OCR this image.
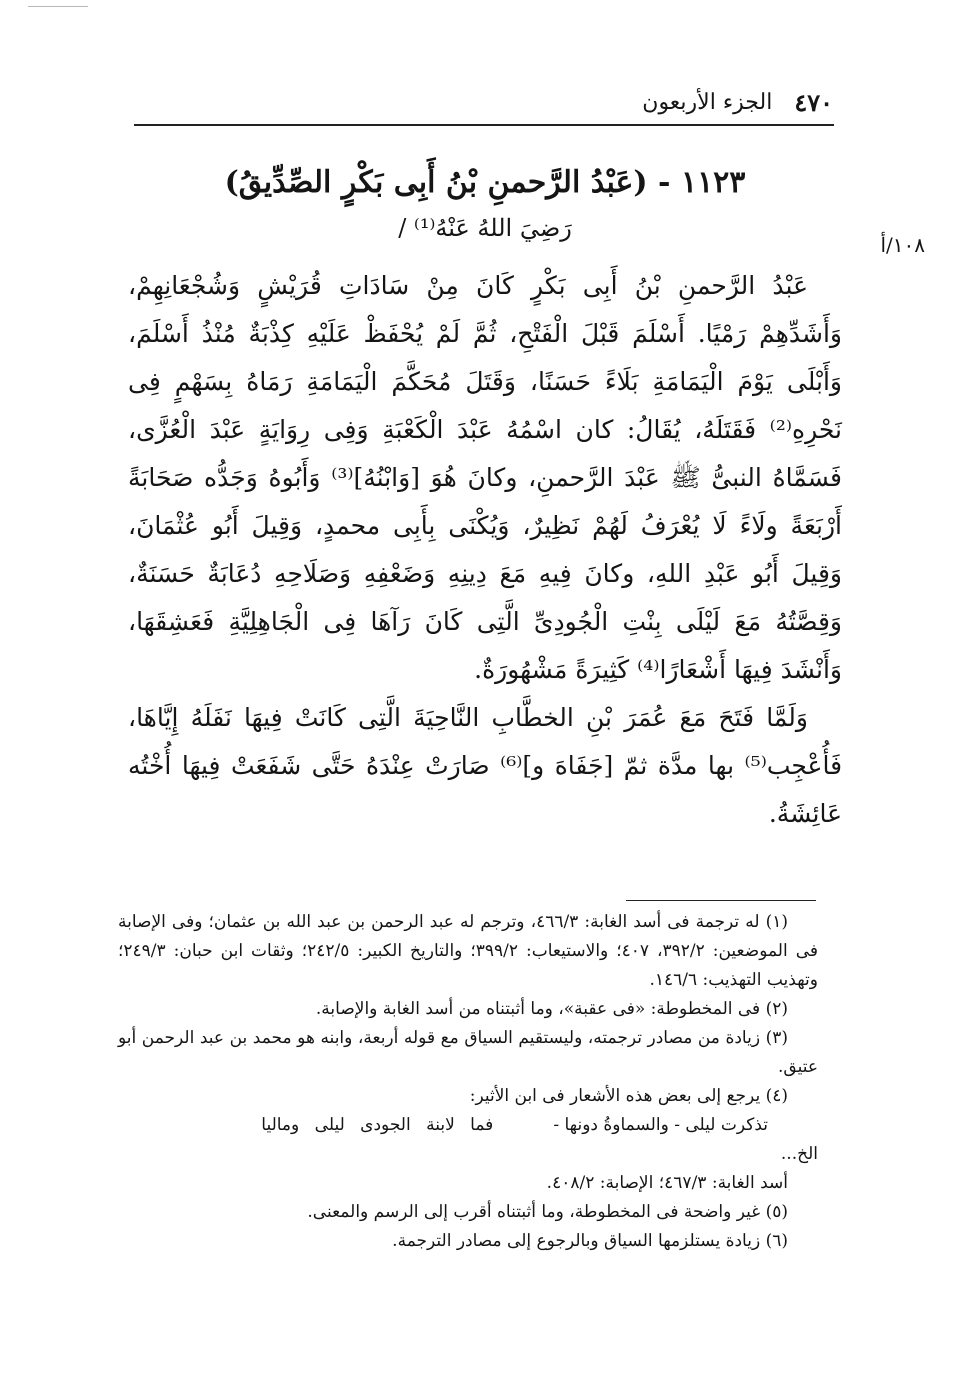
٤٧٠
الجزء الأربعون
١٠٨/أ
١١٢٣ - (عَبْدُ الرَّحمنِ بْنُ أَبِى بَكْرٍ الصِّدِّيقُ)
رَضِيَ اللهُ عَنْهُ⁽¹⁾ /

عَبْدُ الرَّحمنِ بْنُ أَبِى بَكْرٍ كَانَ مِنْ سَادَاتِ قُرَيْشٍ وَشُجْعَانِهِمْ، وَأَشَدِّهِمْ رَمْيًا. أَسْلَمَ قَبْلَ الْفَتْحِ، ثُمَّ لَمْ يُحْفَظْ عَلَيْهِ كِذْبَةٌ مُنْذُ أَسْلَمَ، وَأَبْلَى يَوْمَ الْيَمَامَةِ بَلَاءً حَسَنًا، وَقَتَلَ مُحَكَّمَ الْيَمَامَةِ رَمَاهُ بِسَهْمٍ فِى نَحْرِهِ⁽²⁾ فَقَتَلَهُ، يُقَالُ: كان اسْمُهُ عَبْدَ الْكَعْبَةِ وَفِى رِوَايَةٍ عَبْدَ الْعُزَّى، فَسَمَّاهُ النبىُّ ﷺ عَبْدَ الرَّحمنِ، وكانَ هُوَ [وَابْنُهُ]⁽³⁾ وَأَبُوهُ وَجَدُّه صَحَابَةً أَرْبَعَةً ولَاءً لَا يُعْرَفُ لَهُمْ نَظِيرٌ، وَيُكْنَى بِأَبِى محمدٍ، وَقِيلَ أَبُو عُثْمَانَ، وَقِيلَ أَبُو عَبْدِ اللهِ، وكانَ فِيهِ مَعَ دِينِهِ وَضَعْفِهِ وَصَلَاحِهِ دُعَابَةٌ حَسَنَةٌ، وَقِصَّتُهُ مَعَ لَيْلَى بِنْتِ الْجُودِىِّ الَّتِى كَانَ رَآهَا فِى الْجَاهِلِيَّةِ فَعَشِقَهَا، وَأَنْشَدَ فِيهَا أَشْعَارًا⁽⁴⁾ كَثِيرَةً مَشْهُورَةٌ.

وَلَمَّا فَتَحَ مَعَ عُمَرَ بْنِ الخطَّابِ النَّاحِيَةَ الَّتِى كَانَتْ فِيهَا نَفَلَهُ إِيَّاهَا، فَأُعْجِب⁽⁵⁾ بها مدَّة ثمّ [جَفَاهَ و]⁽⁶⁾ صَارَتْ عِنْدَهُ حَتَّى شَفَعَتْ فِيهَا أُخْتُه عَائِشَةُ.

(١) له ترجمة فى أسد الغابة: ٤٦٦/٣، وترجم له عبد الرحمن بن عبد الله بن عثمان؛ وفى الإصابة فى الموضعين: ٣٩٢/٢، ٤٠٧؛ والاستيعاب: ٣٩٩/٢؛ والتاريخ الكبير: ٢٤٢/٥؛ وثقات ابن حبان: ٢٤٩/٣؛ وتهذيب التهذيب: ١٤٦/٦.

(٢) فى المخطوطة: «فى عقبة»، وما أثبتناه من أسد الغابة والإصابة.

(٣) زيادة من مصادر ترجمته، وليستقيم السياق مع قوله أربعة، وابنه هو محمد بن عبد الرحمن أبو عتيق.

(٤) يرجع إلى بعض هذه الأشعار فى ابن الأثير:

تذكرت ليلى - والسماوةُ دونها -
فما لابنة الجودى ليلى وماليا

الخ...

أسد الغابة: ٤٦٧/٣؛ الإصابة: ٤٠٨/٢.

(٥) غير واضحة فى المخطوطة، وما أثبتناه أقرب إلى الرسم والمعنى.

(٦) زيادة يستلزمها السياق وبالرجوع إلى مصادر الترجمة.
